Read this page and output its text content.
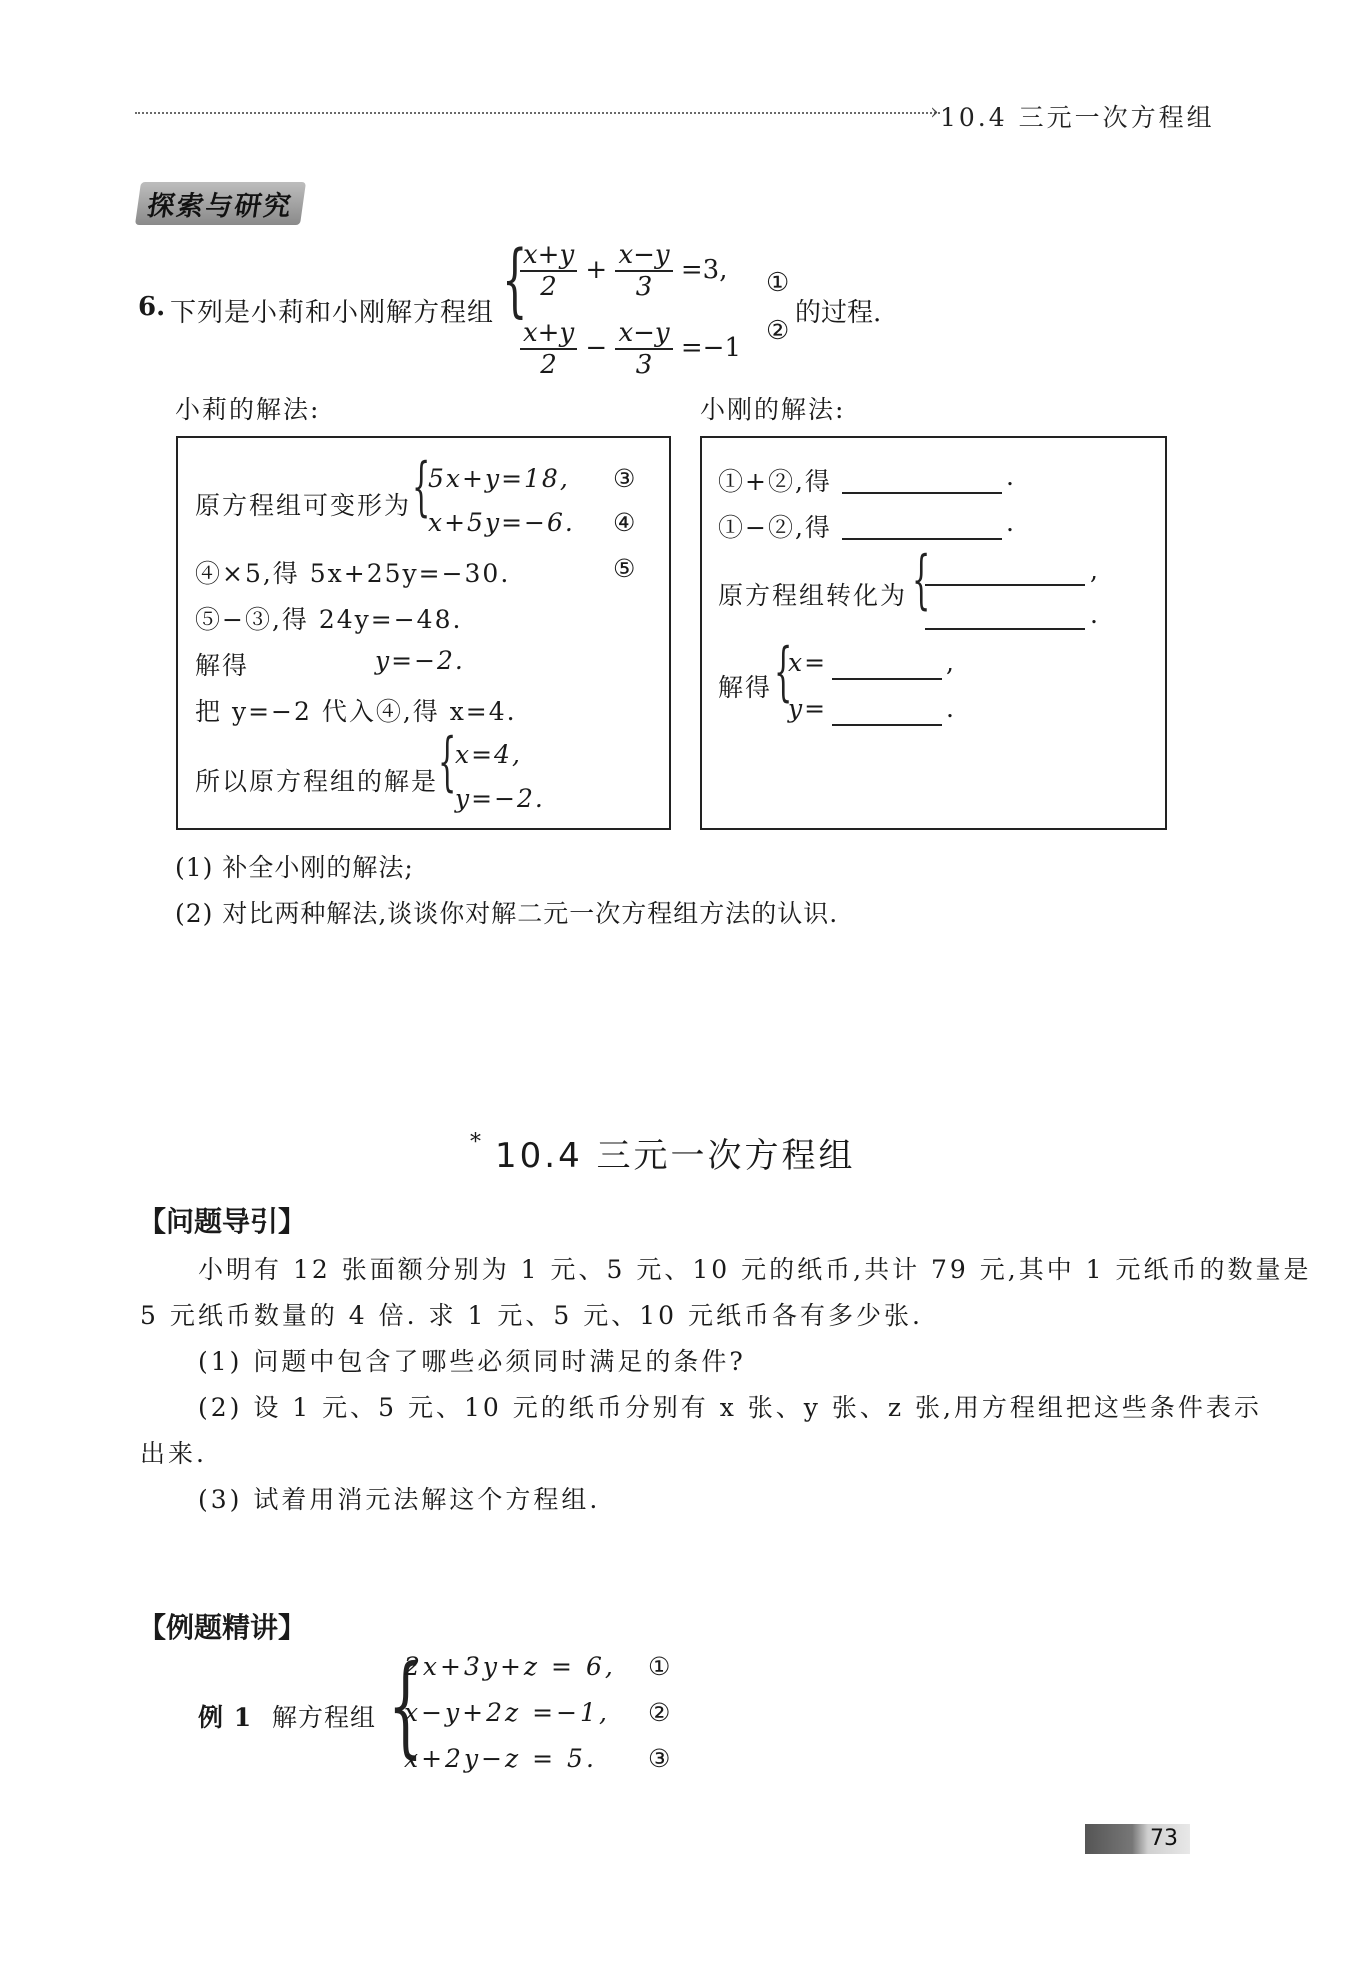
› 10.4 三元一次方程组
探索与研究
6. 下列是小莉和小刚解方程组 {
$\frac{x+y}{2} + \frac{x-y}{3} =3$,
$\frac{x+y}{2} - \frac{x-y}{3} =-1$
①
②
的过程.
小莉的解法:	小刚的解法:
原方程组可变形为 {
5x+y=18, ③
x+5y=−6. ④
④×5,得 5x+25y=−30.	⑤
⑤−③,得 24y=−48.
解得	y=−2.
把 y=−2 代入④,得 x=4.
所以原方程组的解是 {
x=4,
y=−2.
①+②,得	.
①−②,得	.
原方程组转化为 {	,
.
解得 {
x=	,
y=	.
(1) 补全小刚的解法;
(2) 对比两种解法,谈谈你对解二元一次方程组方法的认识.
* 10.4 三元一次方程组
【问题导引】
小明有 12 张面额分别为 1 元、5 元、10 元的纸币,共计 79 元,其中 1 元纸币的数量是
5 元纸币数量的 4 倍. 求 1 元、5 元、10 元纸币各有多少张.
(1) 问题中包含了哪些必须同时满足的条件?
(2) 设 1 元、5 元、10 元的纸币分别有 x 张、y 张、z 张,用方程组把这些条件表示
出来.
(3) 试着用消元法解这个方程组.
【例题精讲】
例 1 解方程组 {
2x+3y+z = 6, ①
x−y+2z =−1, ②
x+2y−z = 5. ③
73
